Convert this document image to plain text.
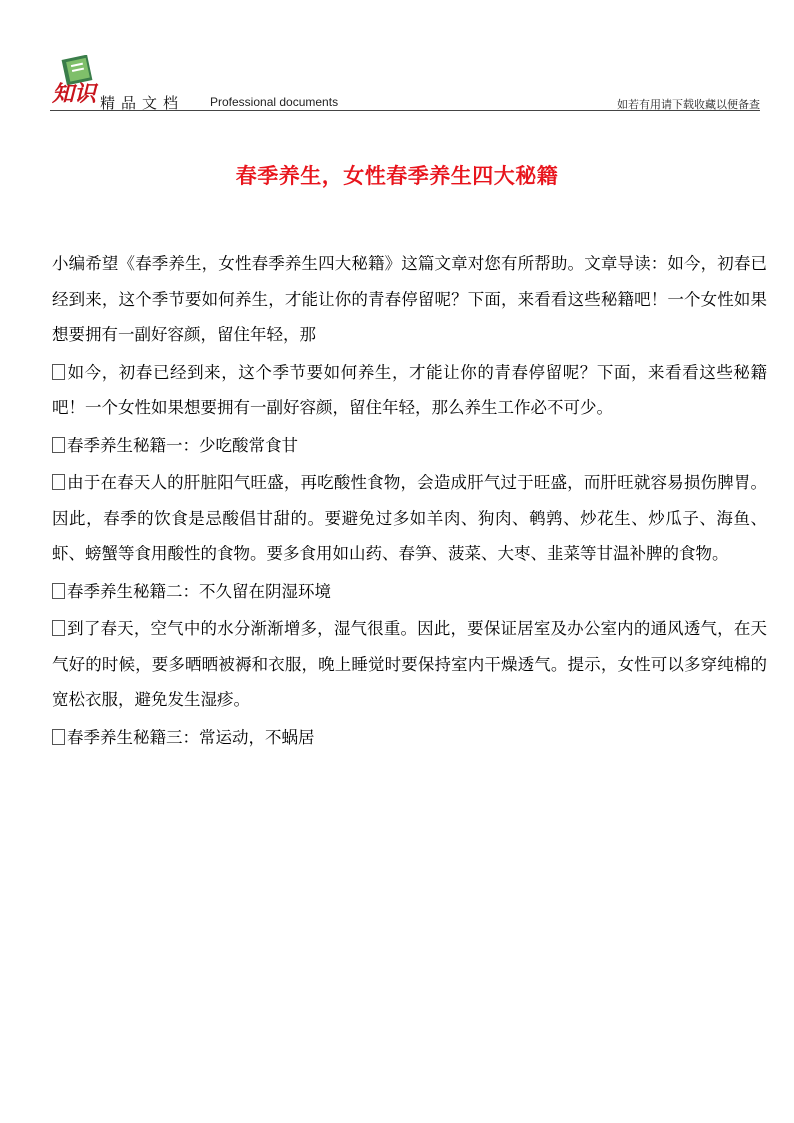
知识 精品文档 Professional documents	如若有用请下载收藏以便备查
春季养生，女性春季养生四大秘籍
小编希望《春季养生，女性春季养生四大秘籍》这篇文章对您有所帮助。文章导读：如今，初春已经到来，这个季节要如何养生，才能让你的青春停留呢？下面，来看看这些秘籍吧！一个女性如果想要拥有一副好容颜，留住年轻，那
如今，初春已经到来，这个季节要如何养生，才能让你的青春停留呢？下面，来看看这些秘籍吧！一个女性如果想要拥有一副好容颜，留住年轻，那么养生工作必不可少。
春季养生秘籍一：少吃酸常食甘
由于在春天人的肝脏阳气旺盛，再吃酸性食物，会造成肝气过于旺盛，而肝旺就容易损伤脾胃。因此，春季的饮食是忌酸倡甘甜的。要避免过多如羊肉、狗肉、鹌鹑、炒花生、炒瓜子、海鱼、虾、螃蟹等食用酸性的食物。要多食用如山药、春笋、菠菜、大枣、韭菜等甘温补脾的食物。
春季养生秘籍二：不久留在阴湿环境
到了春天，空气中的水分渐渐增多，湿气很重。因此，要保证居室及办公室内的通风透气，在天气好的时候，要多晒晒被褥和衣服，晚上睡觉时要保持室内干燥透气。提示，女性可以多穿纯棉的宽松衣服，避免发生湿疹。
春季养生秘籍三：常运动，不蜗居
